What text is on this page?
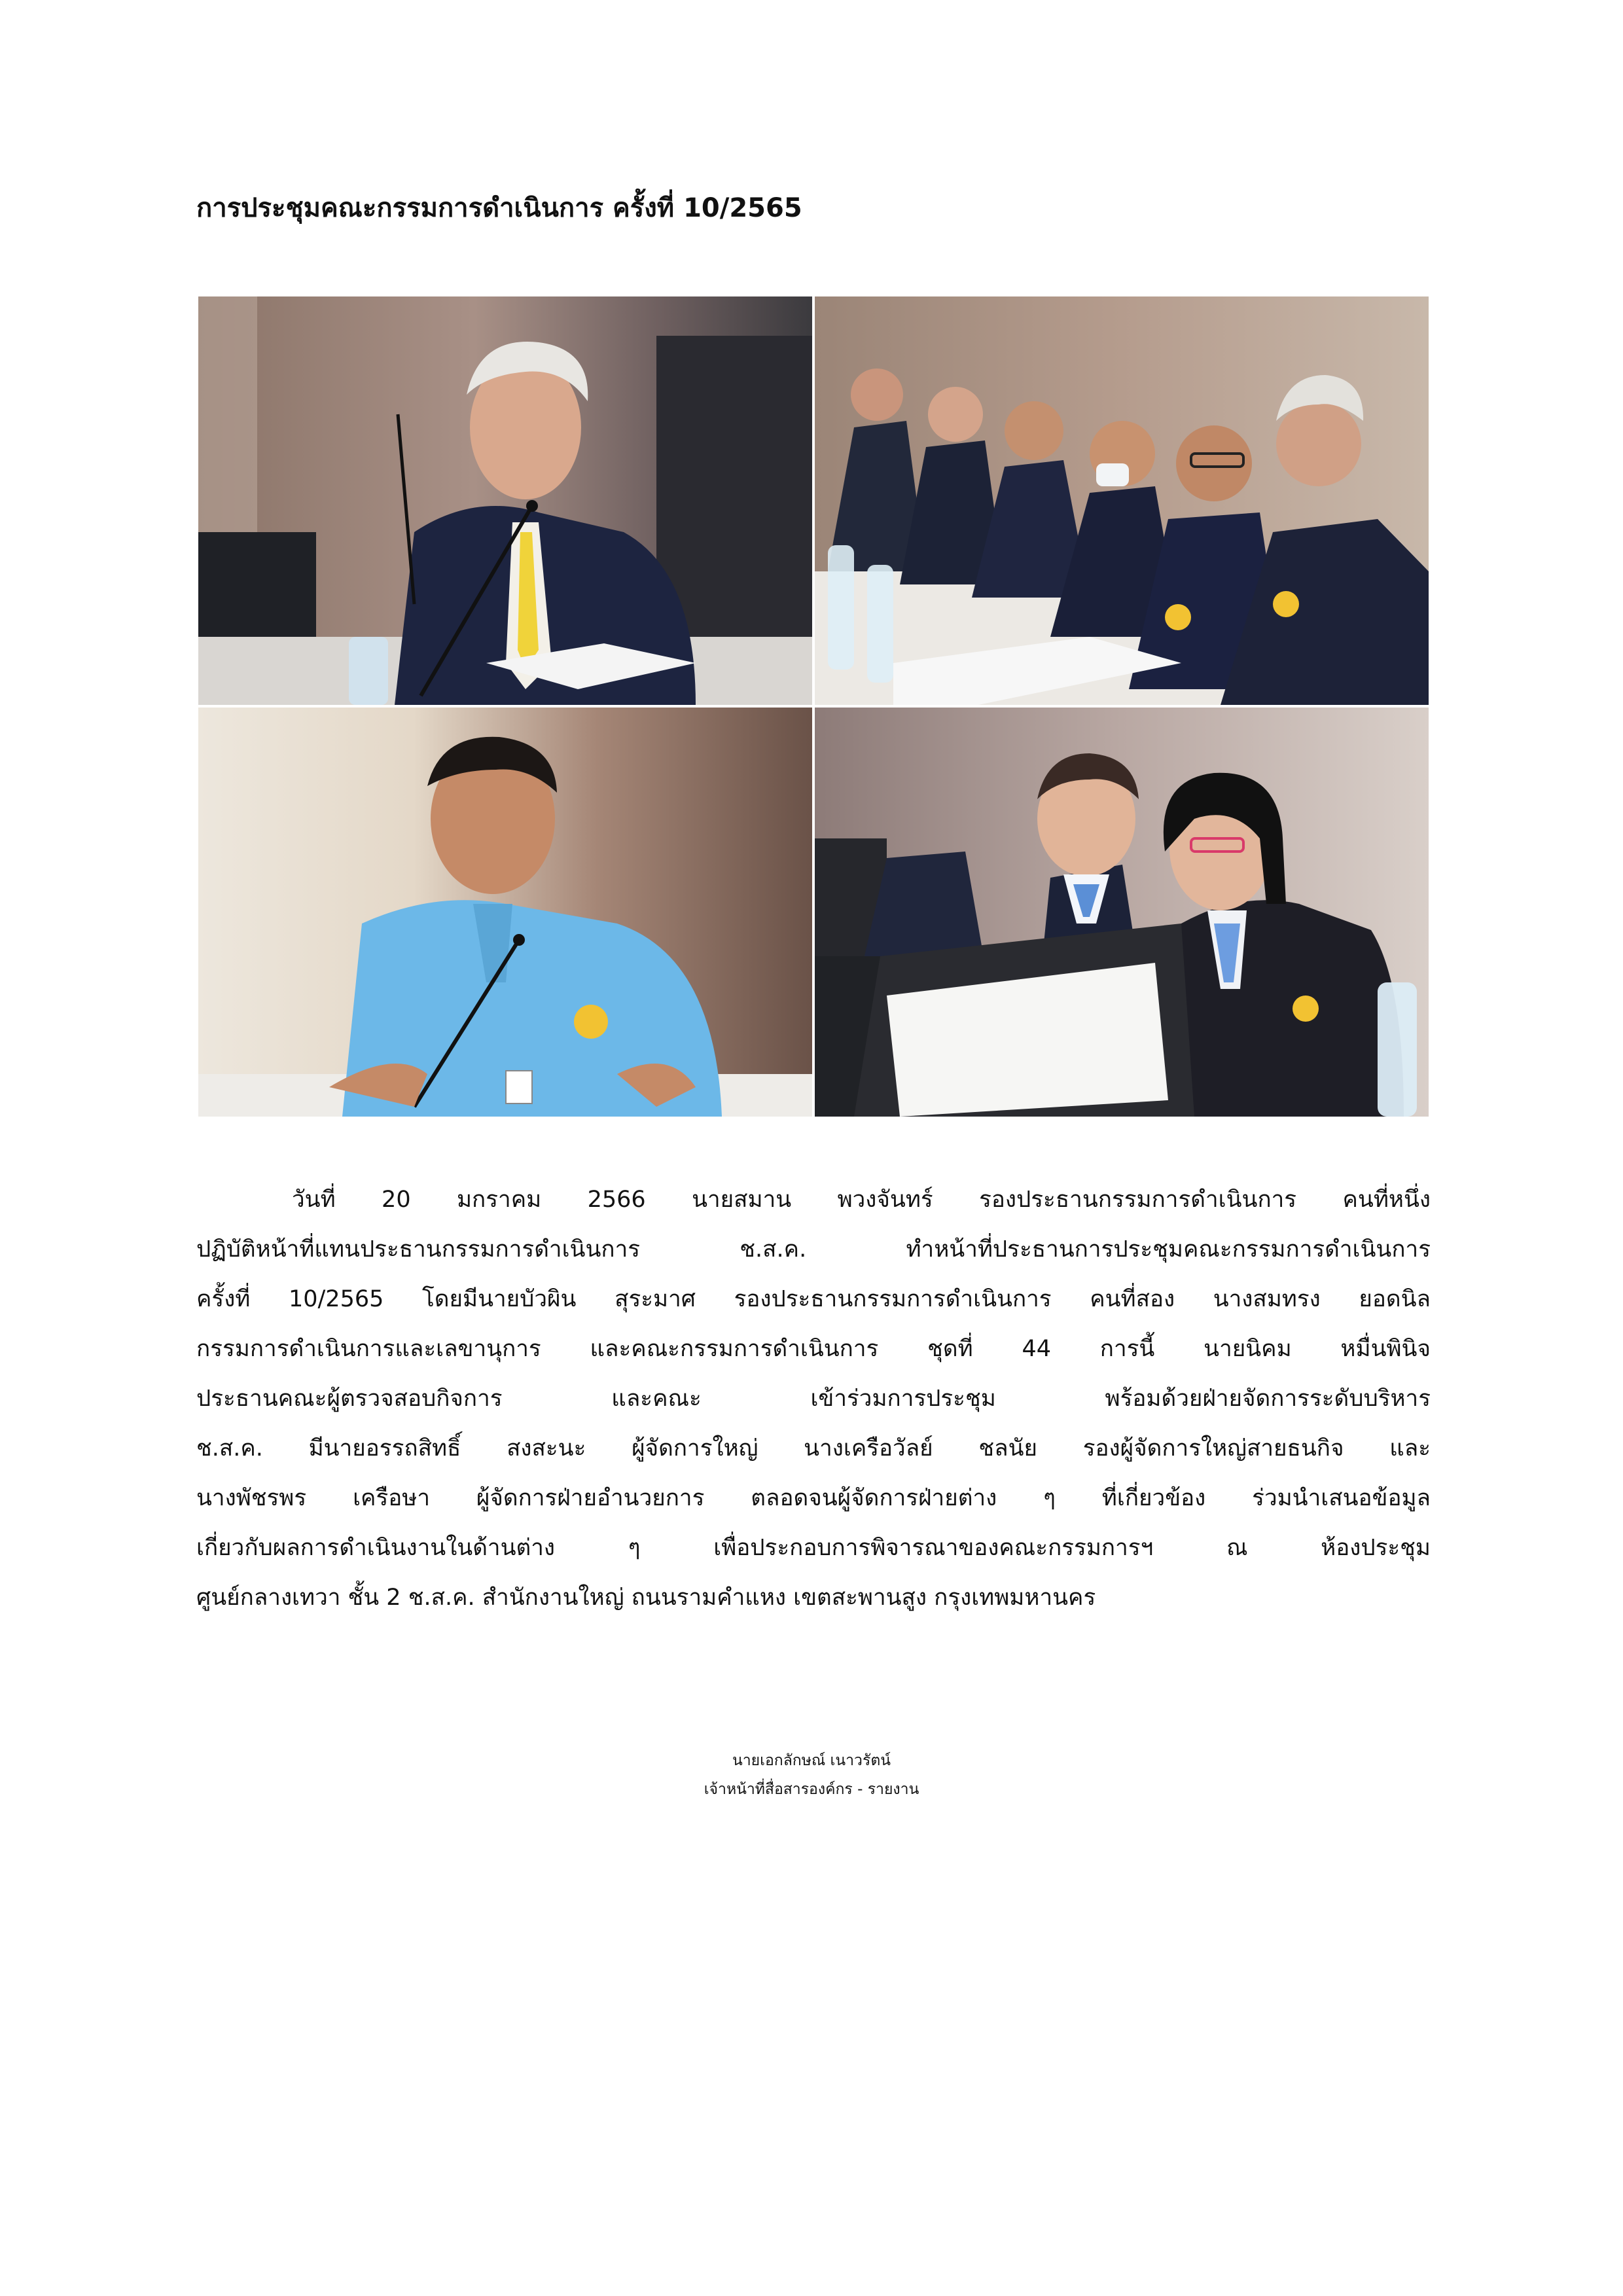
การประชุมคณะกรรมการดำเนินการ ครั้งที่ 10/2565
วันที่ 20 มกราคม 2566 นายสมาน พวงจันทร์ รองประธานกรรมการดำเนินการ คนที่หนึ่ง
ปฏิบัติหน้าที่แทนประธานกรรมการดำเนินการ ช.ส.ค. ทำหน้าที่ประธานการประชุมคณะกรรมการดำเนินการ
ครั้งที่ 10/2565 โดยมีนายบัวผิน สุระมาศ รองประธานกรรมการดำเนินการ คนที่สอง นางสมทรง ยอดนิล
กรรมการดำเนินการและเลขานุการ และคณะกรรมการดำเนินการ ชุดที่ 44 การนี้ นายนิคม หมื่นพินิจ
ประธานคณะผู้ตรวจสอบกิจการ และคณะ เข้าร่วมการประชุม พร้อมด้วยฝ่ายจัดการระดับบริหาร
ช.ส.ค. มีนายอรรถสิทธิ์ สงสะนะ ผู้จัดการใหญ่ นางเครือวัลย์ ชลนัย รองผู้จัดการใหญ่สายธนกิจ และ
นางพัชรพร เครือษา ผู้จัดการฝ่ายอำนวยการ ตลอดจนผู้จัดการฝ่ายต่าง ๆ ที่เกี่ยวข้อง ร่วมนำเสนอข้อมูล
เกี่ยวกับผลการดำเนินงานในด้านต่าง ๆ เพื่อประกอบการพิจารณาของคณะกรรมการฯ ณ ห้องประชุม
ศูนย์กลางเทวา ชั้น 2 ช.ส.ค. สำนักงานใหญ่ ถนนรามคำแหง เขตสะพานสูง กรุงเทพมหานคร
นายเอกลักษณ์ เนาวรัตน์
เจ้าหน้าที่สื่อสารองค์กร - รายงาน
